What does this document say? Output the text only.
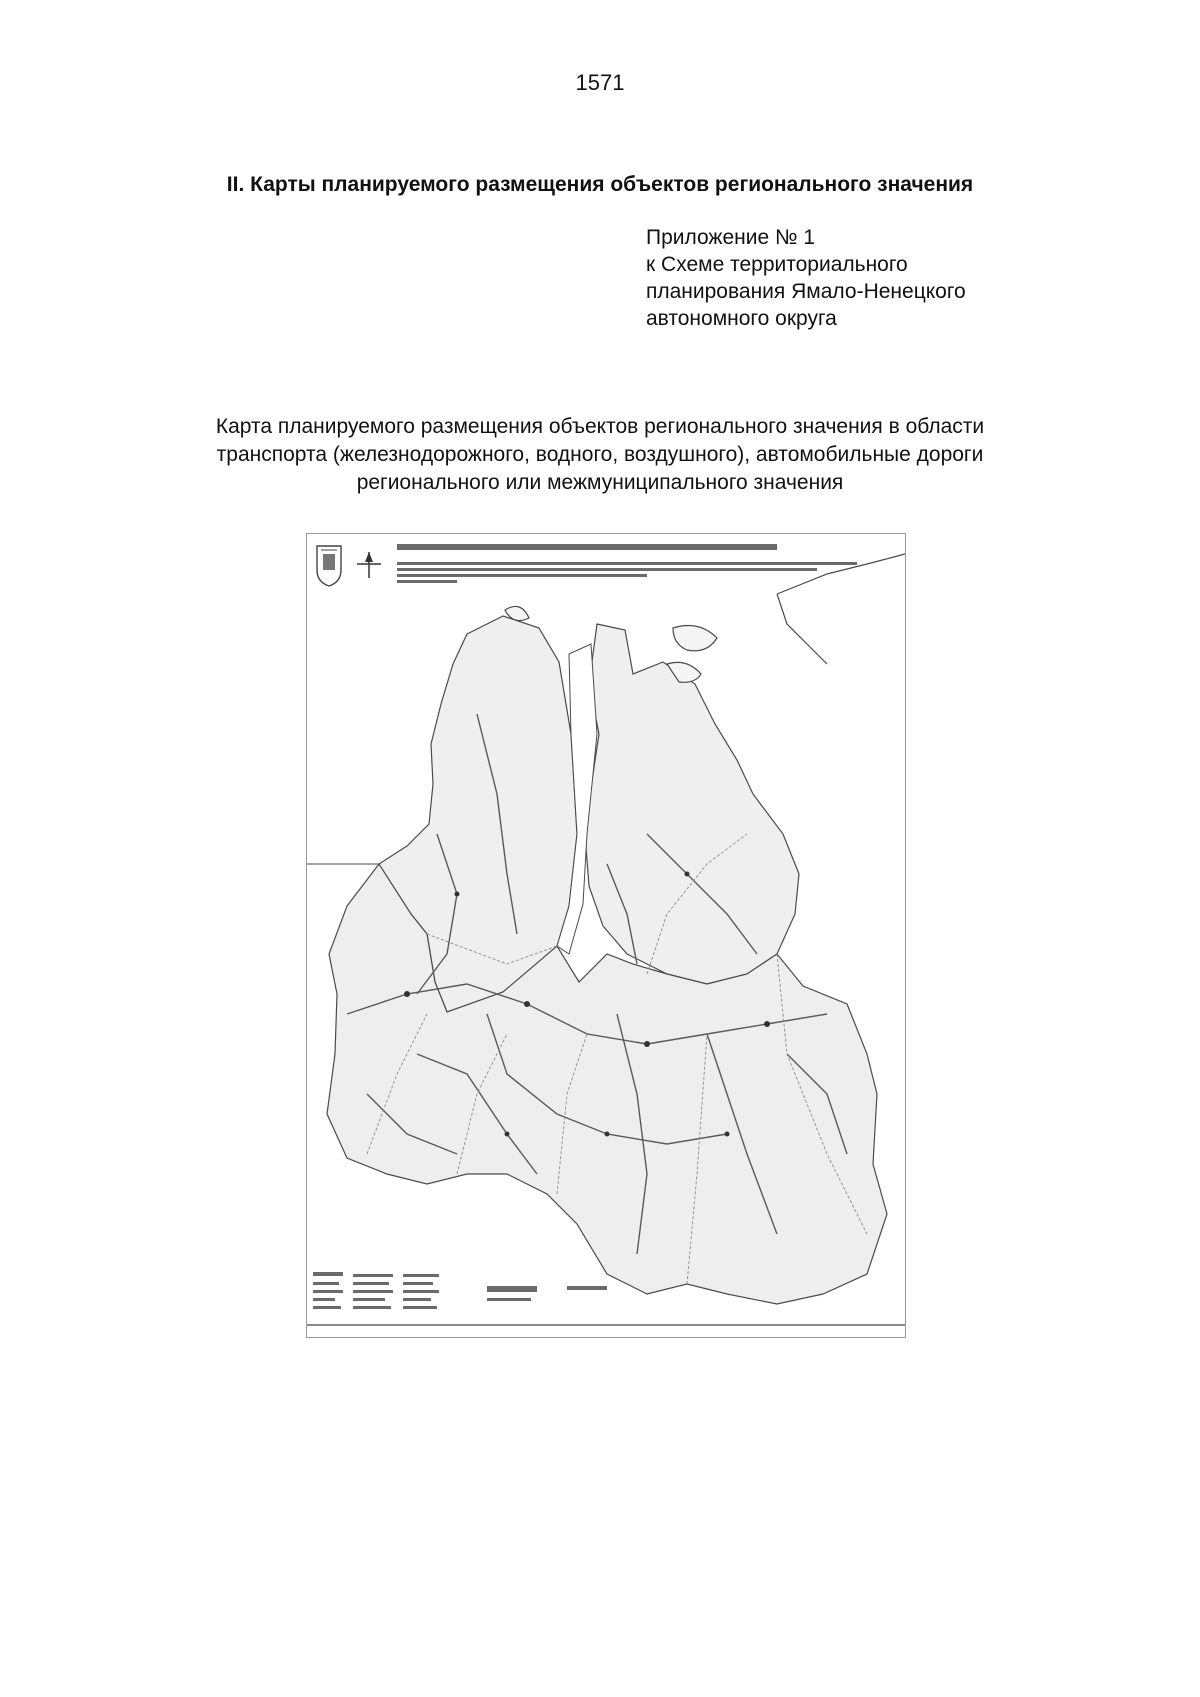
1571
II. Карты планируемого размещения объектов регионального значения
Приложение № 1
к Схеме территориального
планирования Ямало-Ненецкого
автономного округа
Карта планируемого размещения объектов регионального значения в области
транспорта (железнодорожного, водного, воздушного), автомобильные дороги
регионального или межмуниципального значения
